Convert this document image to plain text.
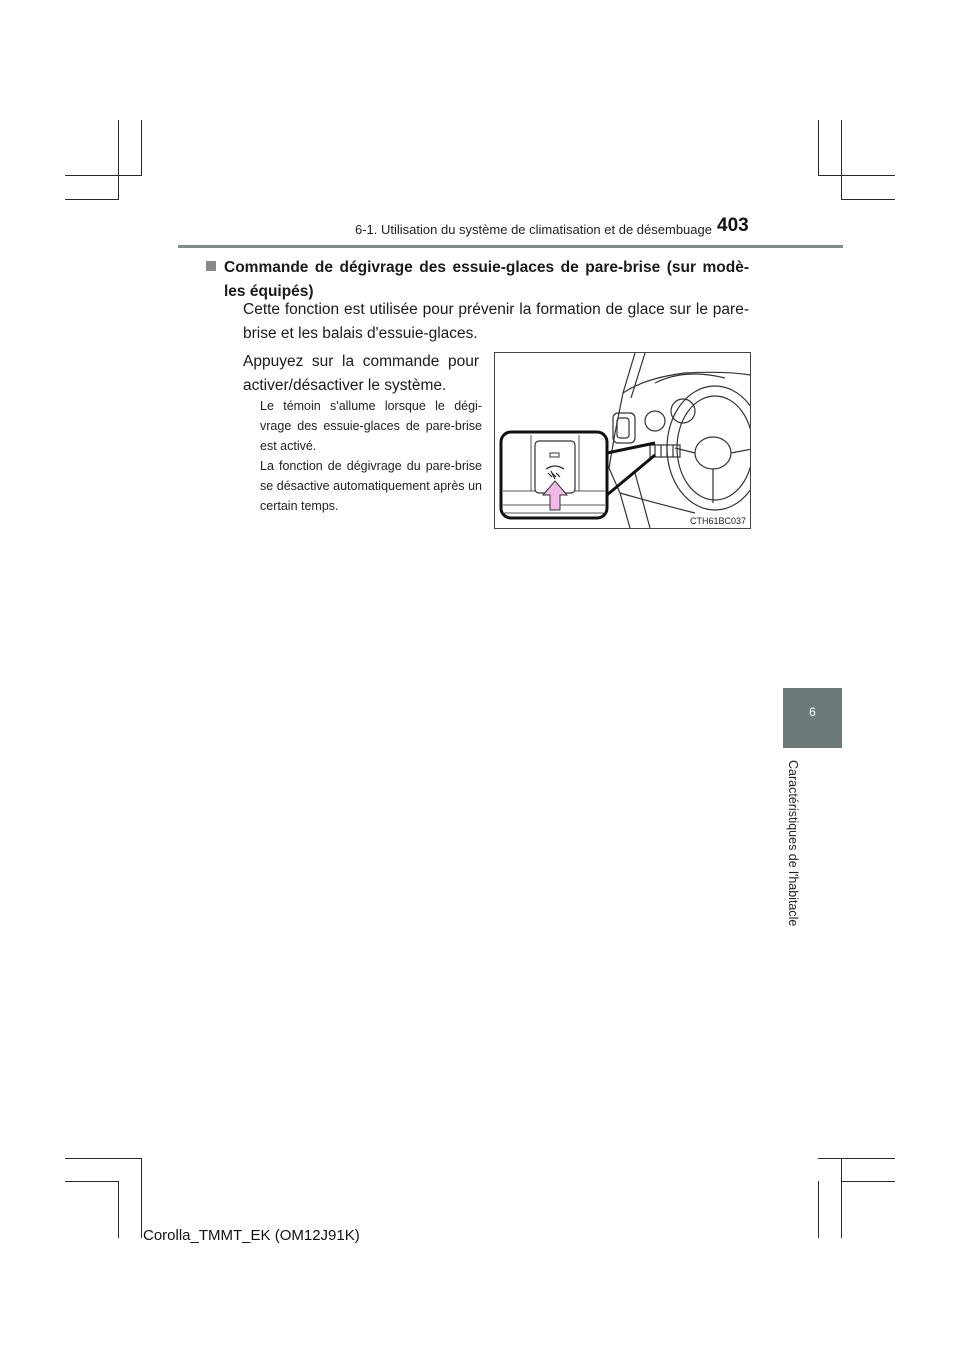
6-1. Utilisation du système de climatisation et de désembuage 403
Commande de dégivrage des essuie-glaces de pare-brise (sur modè-les équipés)
Cette fonction est utilisée pour prévenir la formation de glace sur le pare-brise et les balais d'essuie-glaces.
Appuyez sur la commande pour activer/désactiver le système.
Le témoin s'allume lorsque le dégi-vrage des essuie-glaces de pare-brise est activé.
La fonction de dégivrage du pare-brise se désactive automatiquement après un certain temps.
CTH61BC037
6
Caractéristiques de l'habitacle
Corolla_TMMT_EK (OM12J91K)
